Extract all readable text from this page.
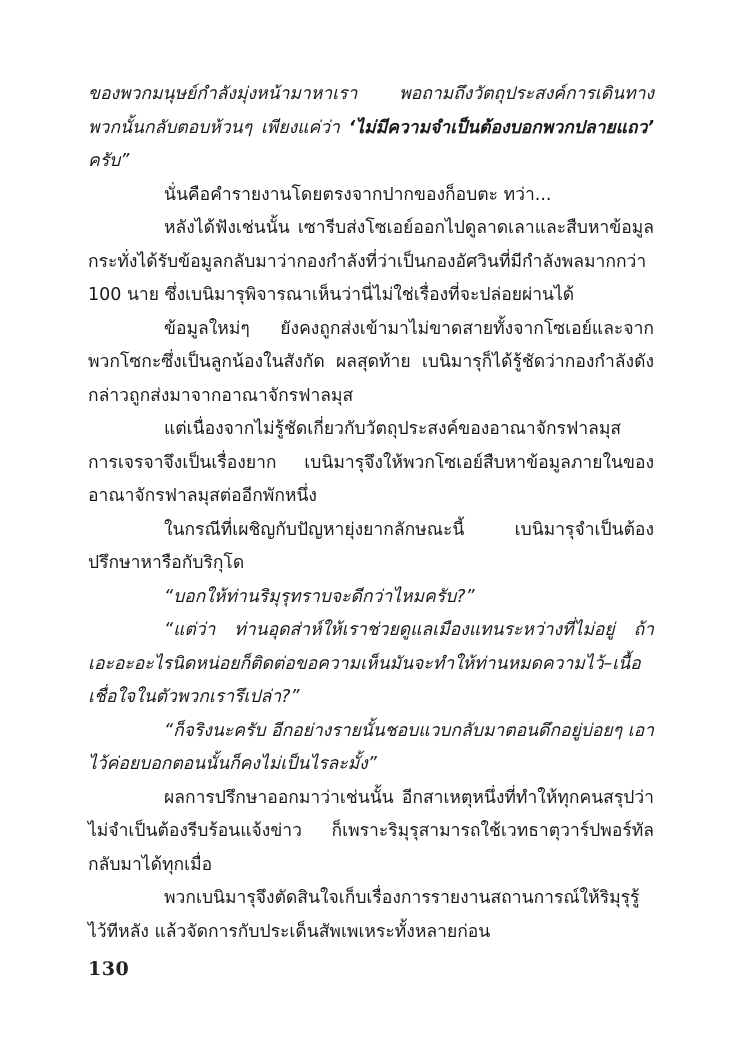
ของพวกมนุษย์กำลังมุ่งหน้ามาหาเรา พอถามถึงวัตถุประสงค์การเดินทาง พวกนั้นกลับตอบห้วนๆ เพียงแค่ว่า ‘ไม่มีความจำเป็นต้องบอกพวกปลายแถว’ ครับ”

นั่นคือคำรายงานโดยตรงจากปากของก็อบตะ ทว่า...

หลังได้ฟังเช่นนั้น เซารีบส่งโซเอย์ออกไปดูลาดเลาและสืบหาข้อมูล กระทั่งได้รับข้อมูลกลับมาว่ากองกำลังที่ว่าเป็นกองอัศวินที่มีกำลังพลมากกว่า 100 นาย ซึ่งเบนิมารุพิจารณาเห็นว่านี่ไม่ใช่เรื่องที่จะปล่อยผ่านได้

ข้อมูลใหม่ๆ ยังคงถูกส่งเข้ามาไม่ขาดสายทั้งจากโซเอย์และจากพวกโซกะซึ่งเป็นลูกน้องในสังกัด ผลสุดท้าย เบนิมารุก็ได้รู้ชัดว่ากองกำลังดังกล่าวถูกส่งมาจากอาณาจักรฟาลมุส

แต่เนื่องจากไม่รู้ชัดเกี่ยวกับวัตถุประสงค์ของอาณาจักรฟาลมุส การเจรจาจึงเป็นเรื่องยาก เบนิมารุจึงให้พวกโซเอย์สืบหาข้อมูลภายในของอาณาจักรฟาลมุสต่ออีกพักหนึ่ง

ในกรณีที่เผชิญกับปัญหายุ่งยากลักษณะนี้ เบนิมารุจำเป็นต้องปรึกษาหารือกับริกุโด

“บอกให้ท่านริมุรุทราบจะดีกว่าไหมครับ?”

“แต่ว่า ท่านอุดส่าห์ให้เราช่วยดูแลเมืองแทนระหว่างที่ไม่อยู่ ถ้าเอะอะอะไรนิดหน่อยก็ติดต่อขอความเห็นมันจะทำให้ท่านหมดความไว้–เนื้อเชื่อใจในตัวพวกเรารึเปล่า?”

“ก็จริงนะครับ อีกอย่างรายนั้นชอบแวบกลับมาตอนดึกอยู่บ่อยๆ เอาไว้ค่อยบอกตอนนั้นก็คงไม่เป็นไรละมั้ง”

ผลการปรึกษาออกมาว่าเช่นนั้น อีกสาเหตุหนึ่งที่ทำให้ทุกคนสรุปว่าไม่จำเป็นต้องรีบร้อนแจ้งข่าว ก็เพราะริมุรุสามารถใช้เวทธาตุวาร์ปพอร์ทัล กลับมาได้ทุกเมื่อ

พวกเบนิมารุจึงตัดสินใจเก็บเรื่องการรายงานสถานการณ์ให้ริมุรุรู้ไว้ทีหลัง แล้วจัดการกับประเด็นสัพเพเหระทั้งหลายก่อน

130
